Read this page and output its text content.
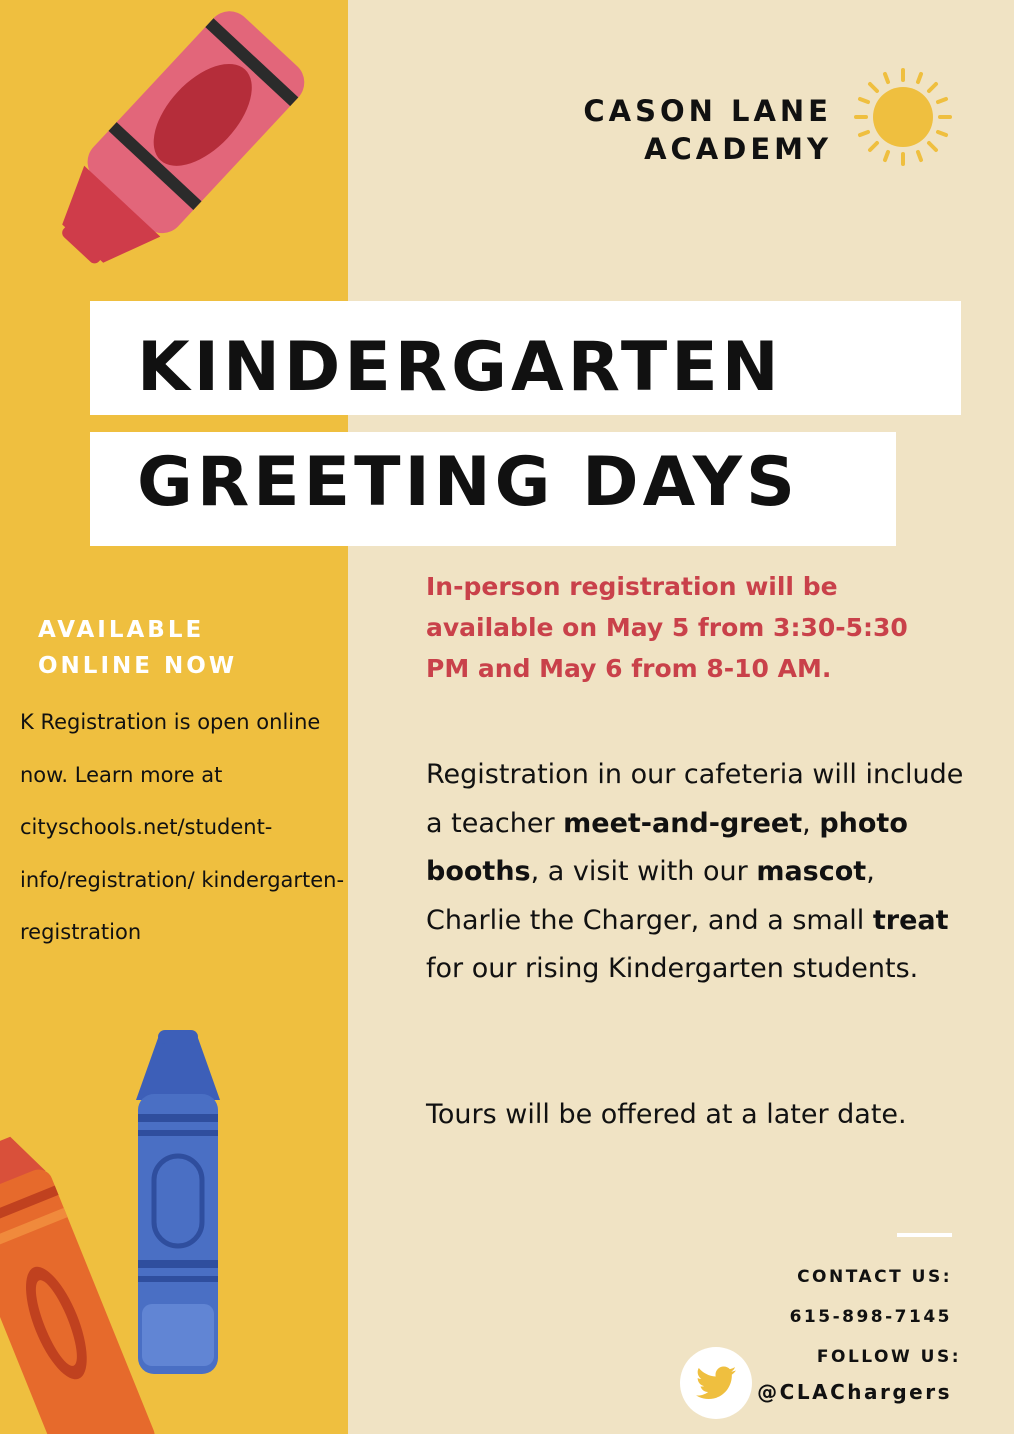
CASON LANE
ACADEMY
KINDERGARTEN
GREETING DAYS
AVAILABLE
ONLINE NOW
K Registration is open online now. Learn more at cityschools.net/student-info/registration/ kindergarten-registration
In-person registration will be available on May 5 from 3:30-5:30 PM and May 6 from 8-10 AM.
Registration in our cafeteria will include a teacher meet-and-greet, photo booths, a visit with our mascot, Charlie the Charger, and a small treat for our rising Kindergarten students.
Tours will be offered at a later date.
CONTACT US:
615-898-7145
FOLLOW US:
@CLAChargers
